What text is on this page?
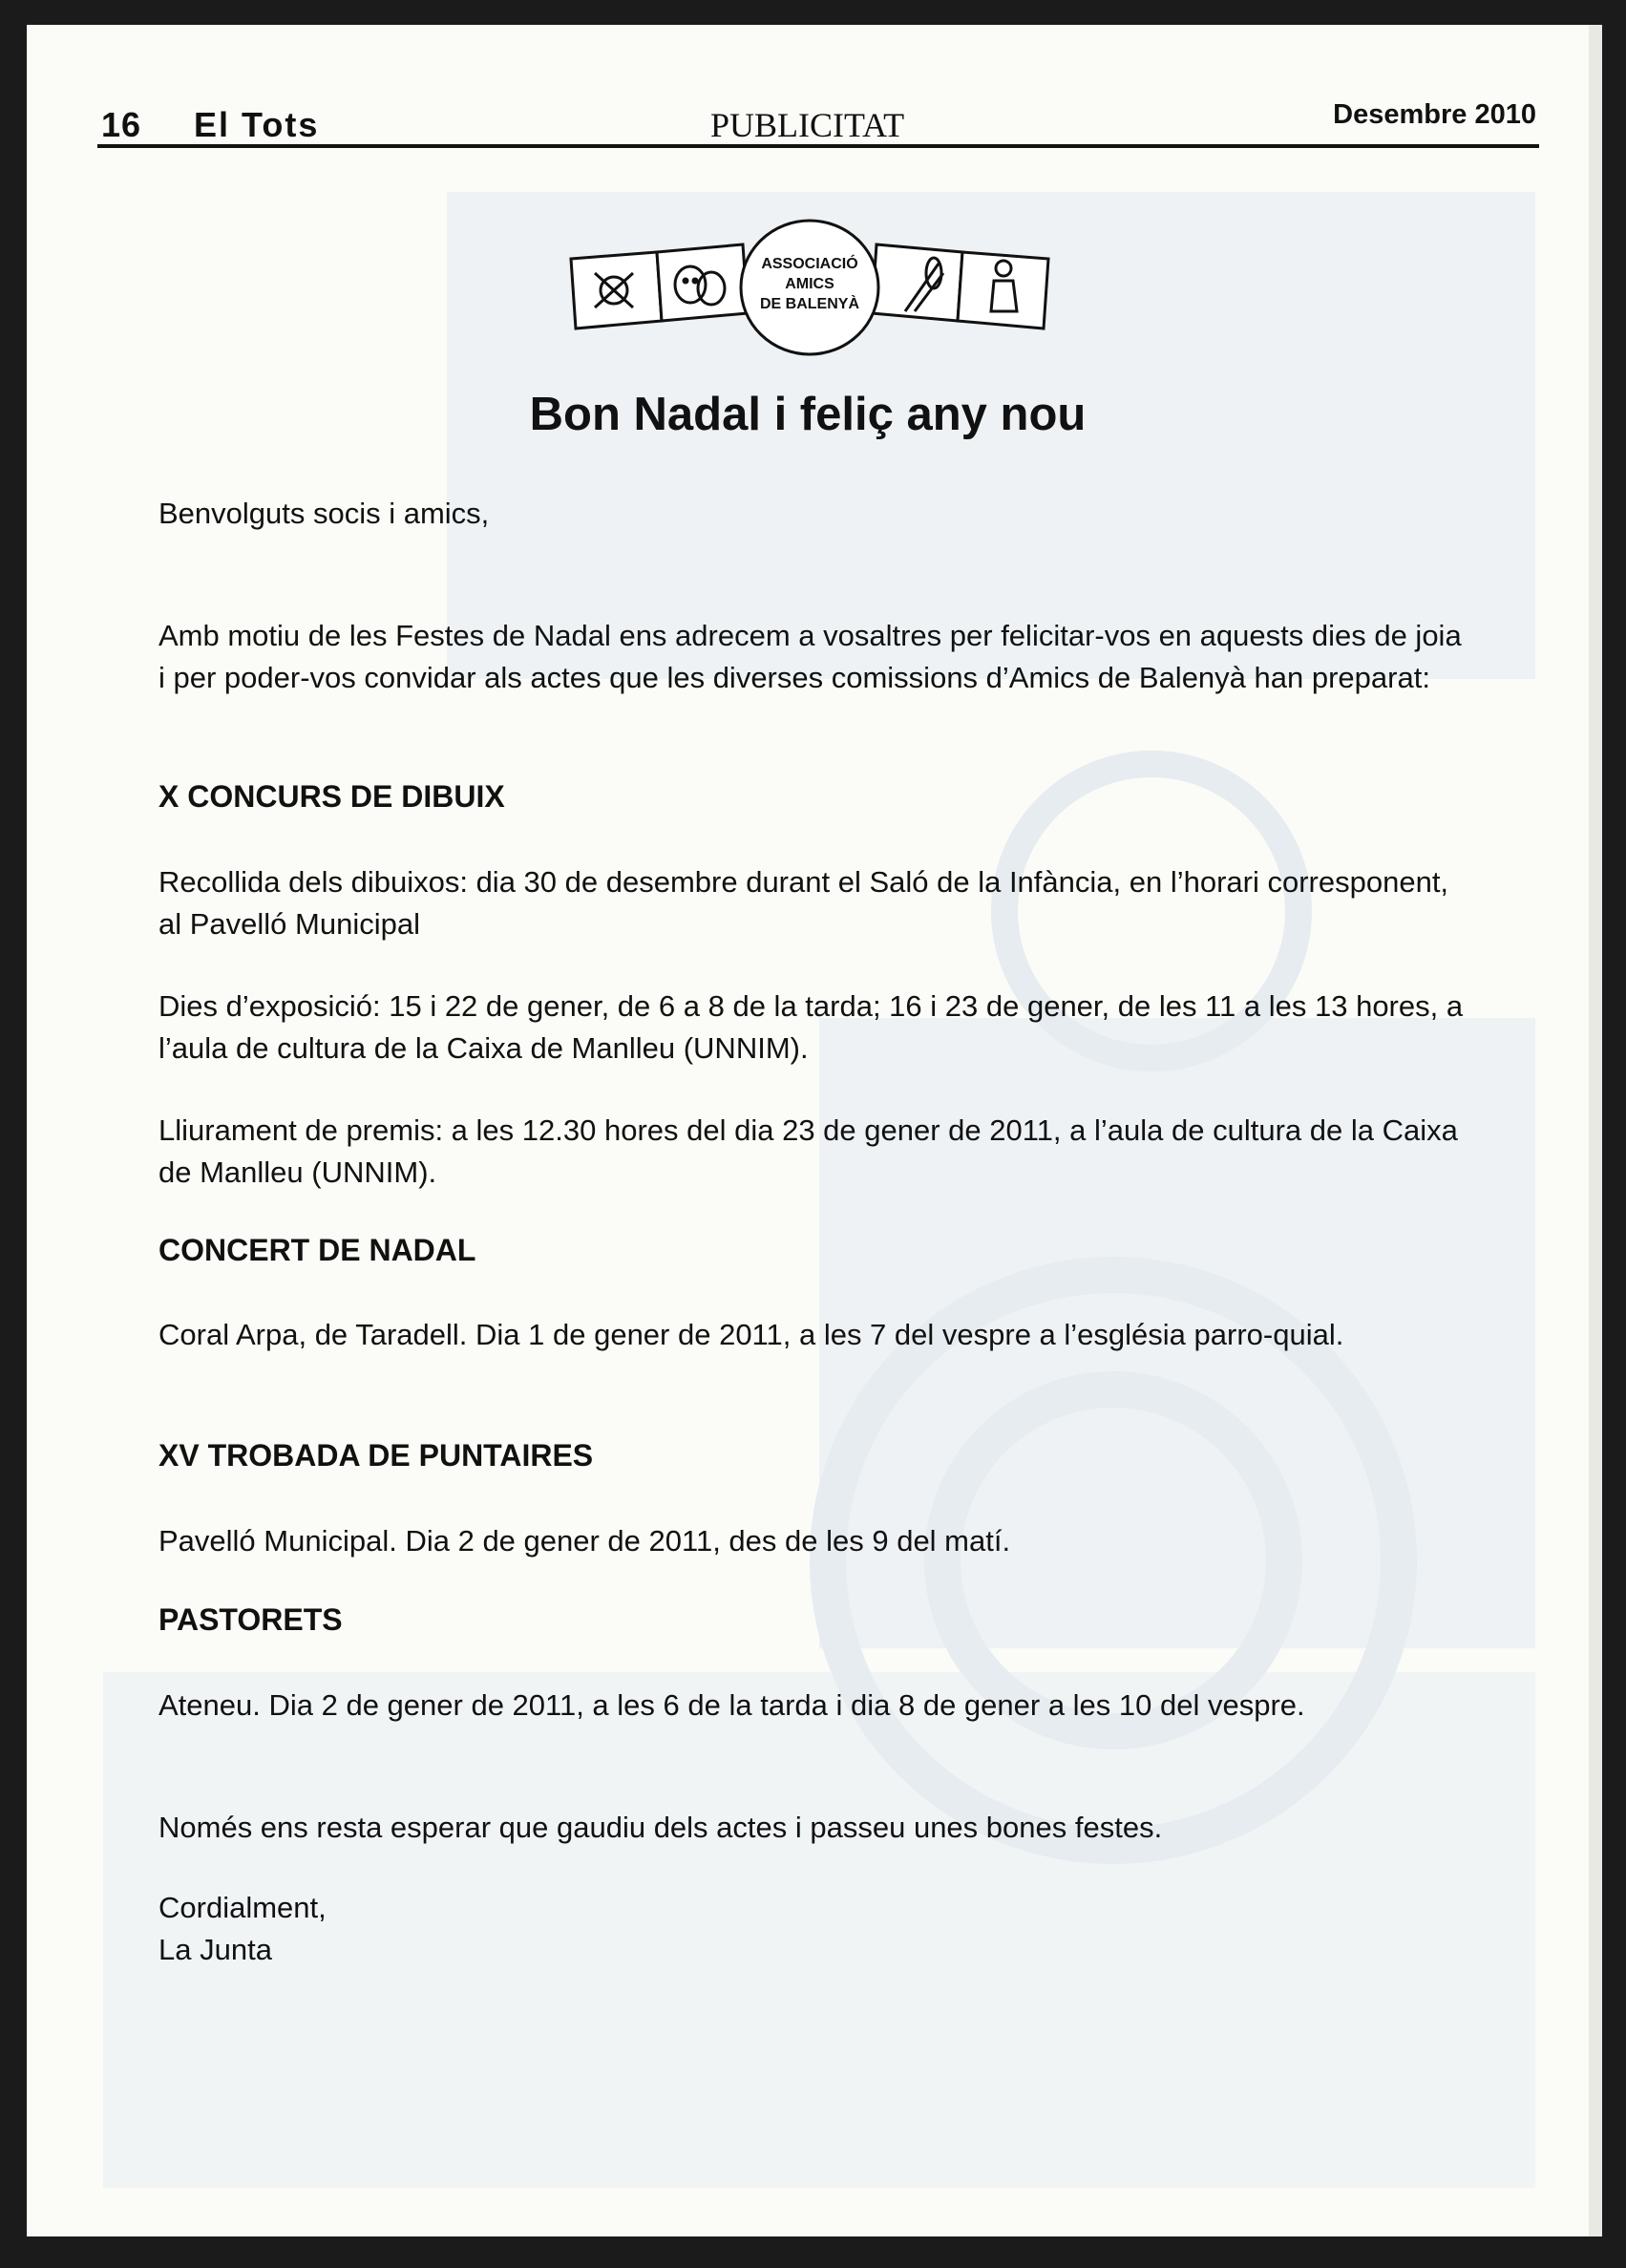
16 El Tots	PUBLICITAT	Desembre 2010
ASSOCIACIÓ
AMICS
DE BALENYÀ
Bon Nadal i feliç any nou

Benvolguts socis i amics,

Amb motiu de les Festes de Nadal ens adrecem a vosaltres per felicitar-vos en aquests dies de joia i per poder-vos convidar als actes que les diverses comissions d’Amics de Balenyà han preparat:

X CONCURS DE DIBUIX

Recollida dels dibuixos: dia 30 de desembre durant el Saló de la Infància, en l’horari corresponent, al Pavelló Municipal

Dies d’exposició: 15 i 22 de gener, de 6 a 8 de la tarda; 16 i 23 de gener, de les 11 a les 13 hores, a l’aula de cultura de la Caixa de Manlleu (UNNIM).

Lliurament de premis: a les 12.30 hores del dia 23 de gener de 2011, a l’aula de cultura de la Caixa de Manlleu (UNNIM).

CONCERT DE NADAL

Coral Arpa, de Taradell. Dia 1 de gener de 2011, a les 7 del vespre a l’església parro-quial.

XV TROBADA DE PUNTAIRES

Pavelló Municipal. Dia 2 de gener de 2011, des de les 9 del matí.

PASTORETS

Ateneu. Dia 2 de gener de 2011, a les 6 de la tarda i dia 8 de gener a les 10 del vespre.

Només ens resta esperar que gaudiu dels actes i passeu unes bones festes.

Cordialment,

La Junta
